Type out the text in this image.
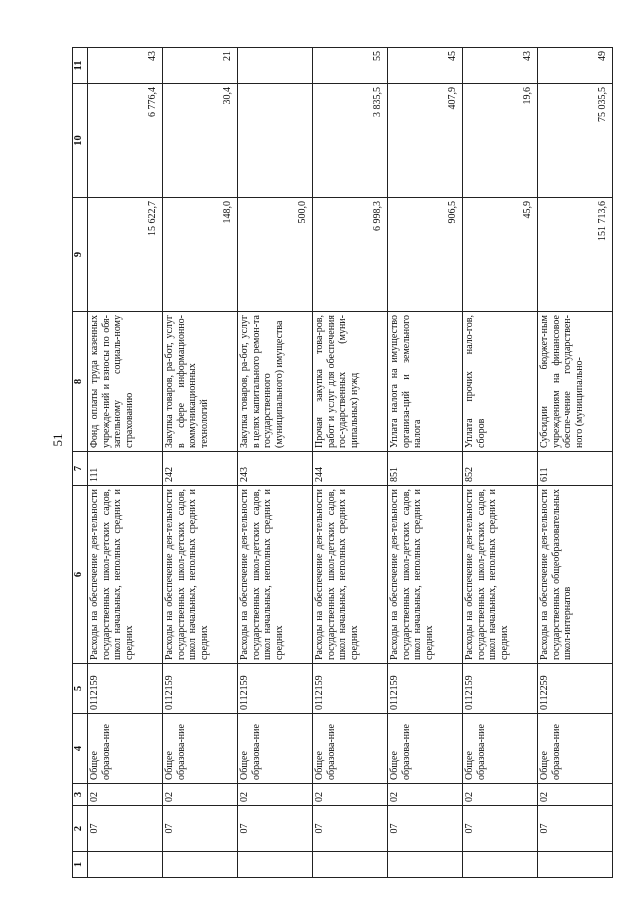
51
1	2	3	4	5	6	7	8	9	10	11
	07	02	Общее образова-ние	0112159	Расходы на обеспечение дея-тельности государственных школ-детских садов, школ начальных, неполных средних и средних	111	Фонд оплаты труда казенных учрежде-ний и взносы по обя-зательному социаль-ному страхованию	15 622,7	6 776,4	43
	07	02	Общее образова-ние	0112159	Расходы на обеспечение дея-тельности государственных школ-детских садов, школ начальных, неполных средних и средних	242	Закупка товаров, ра-бот, услуг в сфере информационно-коммуникационных технологий	148,0	30,4	21
	07	02	Общее образова-ние	0112159	Расходы на обеспечение дея-тельности государственных школ-детских садов, школ начальных, неполных средних и средних	243	Закупка товаров, ра-бот, услуг в целях капитального ремон-та государственного (муниципального) имущества	500,0		
	07	02	Общее образова-ние	0112159	Расходы на обеспечение дея-тельности государственных школ-детских садов, школ начальных, неполных средних и средних	244	Прочая закупка това-ров, работ и услуг для обеспечения гос-ударственных (муни-ципальных) нужд	6 998,3	3 835,5	55
	07	02	Общее образова-ние	0112159	Расходы на обеспечение дея-тельности государственных школ-детских садов, школ начальных, неполных средних и средних	851	Уплата налога на имущество организа-ций и земельного налога	906,5	407,9	45
	07	02	Общее образова-ние	0112159	Расходы на обеспечение дея-тельности государственных школ-детских садов, школ начальных, неполных средних и средних	852	Уплата прочих нало-гов, сборов	45,9	19,6	43
	07	02	Общее образова-ние	0112259	Расходы на обеспечение дея-тельности государственных общеобразовательных школ-интернатов	611	Субсидии бюджет-ным учреждениям на финансовое обеспе-чение государствен-ного (муниципально-	151 713,6	75 035,5	49
